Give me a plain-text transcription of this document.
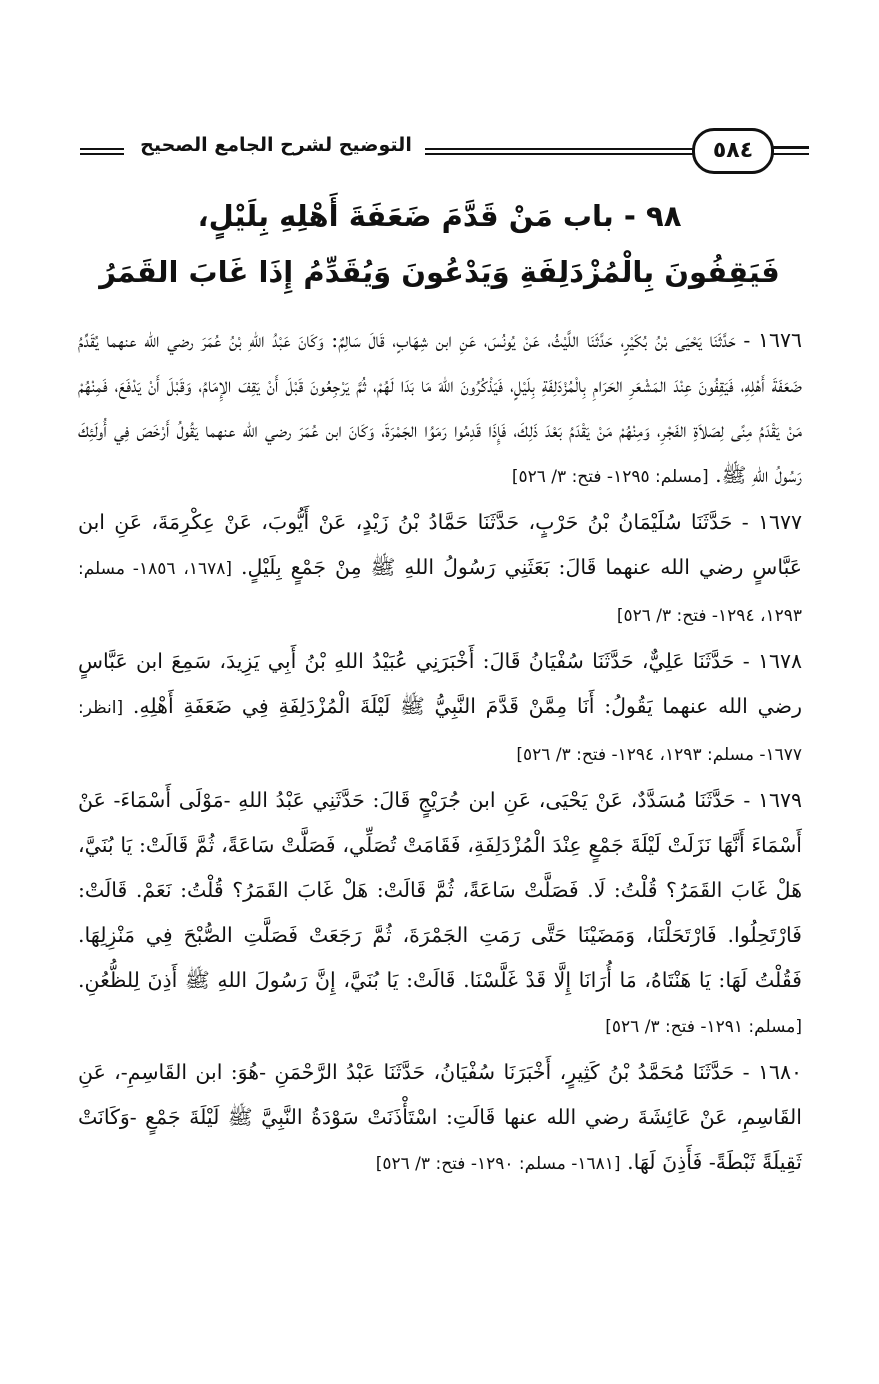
التوضيح لشرح الجامع الصحيح	٥٨٤
٩٨ - باب مَنْ قَدَّمَ ضَعَفَةَ أَهْلِهِ بِلَيْلٍ،
فَيَقِفُونَ بِالْمُزْدَلِفَةِ وَيَدْعُونَ وَيُقَدِّمُ إِذَا غَابَ القَمَرُ

١٦٧٦ - حَدَّثَنَا يَحْيَى بْنُ بُكَيْرٍ، حَدَّثَنَا اللَّيْثُ، عَنْ يُونُسَ، عَنِ ابن شِهَابٍ، قَالَ سَالِمٌ: وَكَانَ عَبْدُ اللهِ بْنُ عُمَرَ رضي الله عنهما يُقَدِّمُ ضَعَفَةَ أَهْلِهِ، فَيَقِفُونَ عِنْدَ المَشْعَرِ الحَرَامِ بِالْمُزْدَلِفَةِ بِلَيْلٍ، فَيَذْكُرُونَ اللهَ مَا بَدَا لَهُمْ، ثُمَّ يَرْجِعُونَ قَبْلَ أَنْ يَقِفَ الإِمَامُ، وَقَبْلَ أَنْ يَدْفَعَ، فَمِنْهُمْ مَنْ يَقْدَمُ مِنًى لِصَلاَةِ الفَجْرِ، وَمِنْهُمْ مَنْ يَقْدَمُ بَعْدَ ذَلِكَ، فَإِذَا قَدِمُوا رَمَوُا الجَمْرَةَ، وَكَانَ ابن عُمَرَ رضي الله عنهما يَقُولُ أَرْخَصَ فِي أُولَئِكَ رَسُولُ اللهِ ﷺ. [مسلم: ١٢٩٥- فتح: ٣/ ٥٢٦]

١٦٧٧ - حَدَّثَنَا سُلَيْمَانُ بْنُ حَرْبٍ، حَدَّثَنَا حَمَّادُ بْنُ زَيْدٍ، عَنْ أَيُّوبَ، عَنْ عِكْرِمَةَ، عَنِ ابن عَبَّاسٍ رضي الله عنهما قَالَ: بَعَثَنِي رَسُولُ اللهِ ﷺ مِنْ جَمْعٍ بِلَيْلٍ. [١٦٧٨، ١٨٥٦- مسلم: ١٢٩٣، ١٢٩٤- فتح: ٣/ ٥٢٦]

١٦٧٨ - حَدَّثَنَا عَلِيٌّ، حَدَّثَنَا سُفْيَانُ قَالَ: أَخْبَرَنِي عُبَيْدُ اللهِ بْنُ أَبِي يَزِيدَ، سَمِعَ ابن عَبَّاسٍ رضي الله عنهما يَقُولُ: أَنَا مِمَّنْ قَدَّمَ النَّبِيُّ ﷺ لَيْلَةَ الْمُزْدَلِفَةِ فِي ضَعَفَةِ أَهْلِهِ. [انظر: ١٦٧٧- مسلم: ١٢٩٣، ١٢٩٤- فتح: ٣/ ٥٢٦]

١٦٧٩ - حَدَّثَنَا مُسَدَّدٌ، عَنْ يَحْيَى، عَنِ ابن جُرَيْجٍ قَالَ: حَدَّثَنِي عَبْدُ اللهِ -مَوْلَى أَسْمَاءَ- عَنْ أَسْمَاءَ أَنَّهَا نَزَلَتْ لَيْلَةَ جَمْعٍ عِنْدَ الْمُزْدَلِفَةِ، فَقَامَتْ تُصَلِّي، فَصَلَّتْ سَاعَةً، ثُمَّ قَالَتْ: يَا بُنَيَّ، هَلْ غَابَ القَمَرُ؟ قُلْتُ: لَا. فَصَلَّتْ سَاعَةً، ثُمَّ قَالَتْ: هَلْ غَابَ القَمَرُ؟ قُلْتُ: نَعَمْ. قَالَتْ: فَارْتَحِلُوا. فَارْتَحَلْنَا، وَمَضَيْنَا حَتَّى رَمَتِ الجَمْرَةَ، ثُمَّ رَجَعَتْ فَصَلَّتِ الصُّبْحَ فِي مَنْزِلِهَا. فَقُلْتُ لَهَا: يَا هَنْتَاهُ، مَا أُرَانَا إِلَّا قَدْ غَلَّسْنَا. قَالَتْ: يَا بُنَيَّ، إِنَّ رَسُولَ اللهِ ﷺ أَذِنَ لِلظُّعُنِ. [مسلم: ١٢٩١- فتح: ٣/ ٥٢٦]

١٦٨٠ - حَدَّثَنَا مُحَمَّدُ بْنُ كَثِيرٍ، أَخْبَرَنَا سُفْيَانُ، حَدَّثَنَا عَبْدُ الرَّحْمَنِ -هُوَ: ابن القَاسِمِ-، عَنِ القَاسِمِ، عَنْ عَائِشَةَ رضي الله عنها قَالَتِ: اسْتَأْذَنَتْ سَوْدَةُ النَّبِيَّ ﷺ لَيْلَةَ جَمْعٍ -وَكَانَتْ ثَقِيلَةً ثَبْطَةً- فَأَذِنَ لَهَا. [١٦٨١- مسلم: ١٢٩٠- فتح: ٣/ ٥٢٦]
